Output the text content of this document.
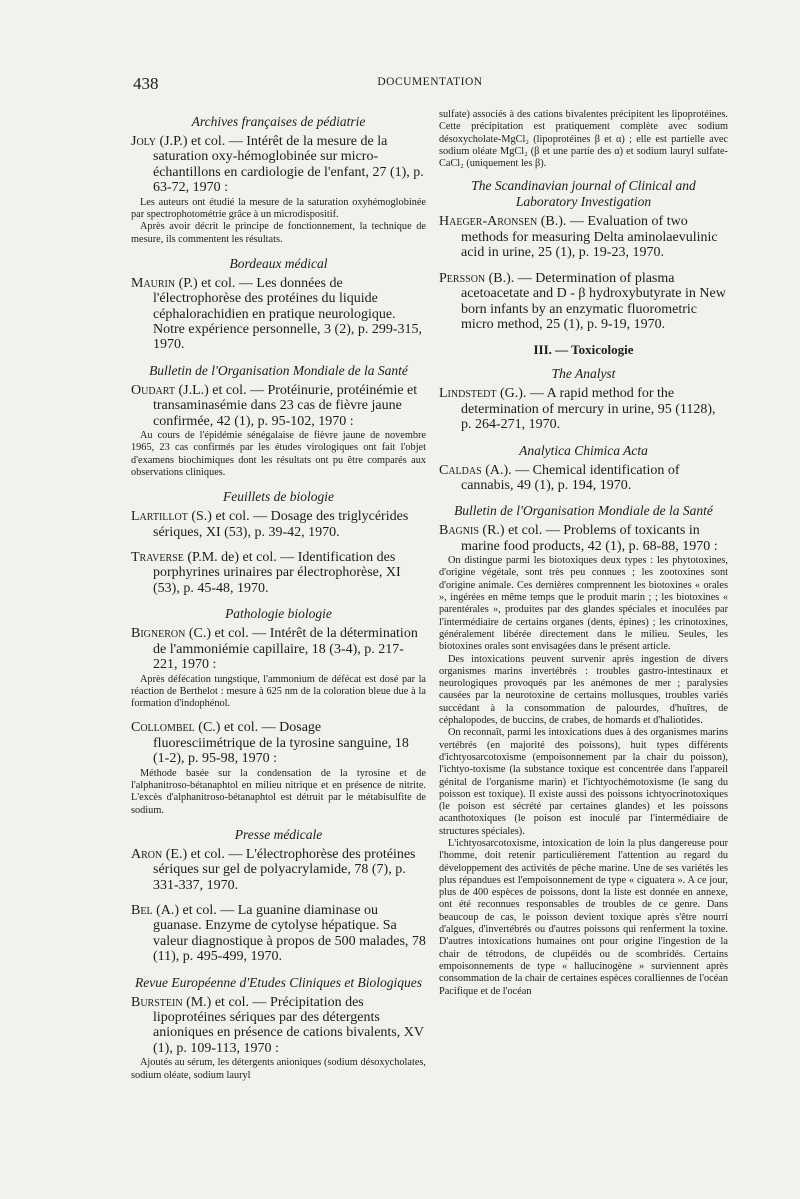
438	DOCUMENTATION
Archives françaises de pédiatrie
Joly (J.P.) et col. — Intérêt de la mesure de la saturation oxy-hémoglobinée sur micro-échantillons en cardiologie de l'enfant, 27 (1), p. 63-72, 1970 :

Les auteurs ont étudié la mesure de la saturation oxyhémoglobinée par spectrophotométrie grâce à un microdispositif.

Après avoir décrit le principe de fonctionnement, la technique de mesure, ils commentent les résultats.

Bordeaux médical
Maurin (P.) et col. — Les données de l'électrophorèse des protéines du liquide céphalorachidien en pratique neurologique. Notre expérience personnelle, 3 (2), p. 299-315, 1970.
Bulletin de l'Organisation Mondiale de la Santé
Oudart (J.L.) et col. — Protéinurie, protéinémie et transaminasémie dans 23 cas de fièvre jaune confirmée, 42 (1), p. 95-102, 1970 :

Au cours de l'épidémie sénégalaise de fièvre jaune de novembre 1965, 23 cas confirmés par les études virologiques ont fait l'objet d'examens biochimiques dont les résultats ont pu être comparés aux observations cliniques.

Feuillets de biologie
Lartillot (S.) et col. — Dosage des triglycérides sériques, XI (53), p. 39-42, 1970.
Traverse (P.M. de) et col. — Identification des porphyrines urinaires par électrophorèse, XI (53), p. 45-48, 1970.
Pathologie biologie
Bigneron (C.) et col. — Intérêt de la détermination de l'ammoniémie capillaire, 18 (3-4), p. 217-221, 1970 :

Après défécation tungstique, l'ammonium de défécat est dosé par la réaction de Berthelot : mesure à 625 nm de la coloration bleue due à la formation d'indophénol.

Collombel (C.) et col. — Dosage fluoresciimétrique de la tyrosine sanguine, 18 (1-2), p. 95-98, 1970 :

Méthode basée sur la condensation de la tyrosine et de l'alphanitroso-bétanaphtol en milieu nitrique et en présence de nitrite. L'excès d'alphanitroso-bétanaphtol est détruit par le métabisulfite de sodium.

Presse médicale
Aron (E.) et col. — L'électrophorèse des protéines sériques sur gel de polyacrylamide, 78 (7), p. 331-337, 1970.
Bel (A.) et col. — La guanine diaminase ou guanase. Enzyme de cytolyse hépatique. Sa valeur diagnostique à propos de 500 malades, 78 (11), p. 495-499, 1970.
Revue Européenne d'Etudes Cliniques et Biologiques
Burstein (M.) et col. — Précipitation des lipoprotéines sériques par des détergents anioniques en présence de cations bivalents, XV (1), p. 109-113, 1970 :

Ajoutés au sérum, les détergents anioniques (sodium désoxycholates, sodium oléate, sodium lauryl

sulfate) associés à des cations bivalentes précipitent les lipoprotéines. Cette précipitation est pratiquement complète avec sodium désoxycholate-MgCl₂ (lipoprotéines β et α) ; elle est partielle avec sodium oléate MgCl₂ (β et une partie des α) et sodium lauryl sulfate-CaCl₂ (uniquement les β).

The Scandinavian journal of Clinical and Laboratory Investigation
Haeger-Aronsen (B.). — Evaluation of two methods for measuring Delta aminolaevulinic acid in urine, 25 (1), p. 19-23, 1970.
Persson (B.). — Determination of plasma acetoacetate and D - β hydroxybutyrate in New born infants by an enzymatic fluorometric micro method, 25 (1), p. 9-19, 1970.
III. — Toxicologie
The Analyst
Lindstedt (G.). — A rapid method for the determination of mercury in urine, 95 (1128), p. 264-271, 1970.
Analytica Chimica Acta
Caldas (A.). — Chemical identification of cannabis, 49 (1), p. 194, 1970.
Bulletin de l'Organisation Mondiale de la Santé
Bagnis (R.) et col. — Problems of toxicants in marine food products, 42 (1), p. 68-88, 1970 :

On distingue parmi les biotoxiques deux types : les phytotoxines, d'origine végétale, sont très peu connues ; les zootoxines sont d'origine animale. Ces dernières comprennent les biotoxines « orales », ingérées en même temps que le produit marin ; ; les biotoxines « parentérales », produites par des glandes spéciales et inoculées par l'intermédiaire de certains organes (dents, épines) ; les crinotoxines, généralement libérée directement dans le milieu. Seules, les biotoxines orales sont envisagées dans le présent article.

Des intoxications peuvent survenir après ingestion de divers organismes marins invertébrés : troubles gastro-intestinaux et neurologiques provoqués par les anémones de mer ; paralysies causées par la neurotoxine de certains mollusques, troubles variés succédant à la consommation de palourdes, d'huîtres, de céphalopodes, de buccins, de crabes, de homards et d'haliotides.

On reconnaît, parmi les intoxications dues à des organismes marins vertébrés (en majorité des poissons), huit types différents d'ichtyosarcotoxisme (empoisonnement par la chair du poisson), l'ichtyo-toxisme (la substance toxique est concentrée dans l'appareil génital de l'organisme marin) et l'ichtyochémotoxisme (le sang du poisson est toxique). Il existe aussi des poissons ichtyocrinotoxiques (le poison est sécrété par certaines glandes) et les poissons acanthotoxiques (le poison est inoculé par l'intermédiaire de structures spéciales).

L'ichtyosarcotoxisme, intoxication de loin la plus dangereuse pour l'homme, doit retenir particulièrement l'attention au regard du développement des activités de pêche marine. Une de ses variétés les plus répandues est l'empoisonnement de type « ciguatera ». A ce jour, plus de 400 espèces de poissons, dont la liste est donnée en annexe, ont été reconnues responsables de troubles de ce genre. Dans beaucoup de cas, le poisson devient toxique après s'être nourri d'algues, d'invertébrés ou d'autres poissons qui renferment la toxine. D'autres intoxications humaines ont pour origine l'ingestion de la chair de tétrodons, de clupéidés ou de scombridés. Certains empoisonnements de type « hallucinogène » surviennent après consommation de la chair de certaines espèces coralliennes de l'océan Pacifique et de l'océan
